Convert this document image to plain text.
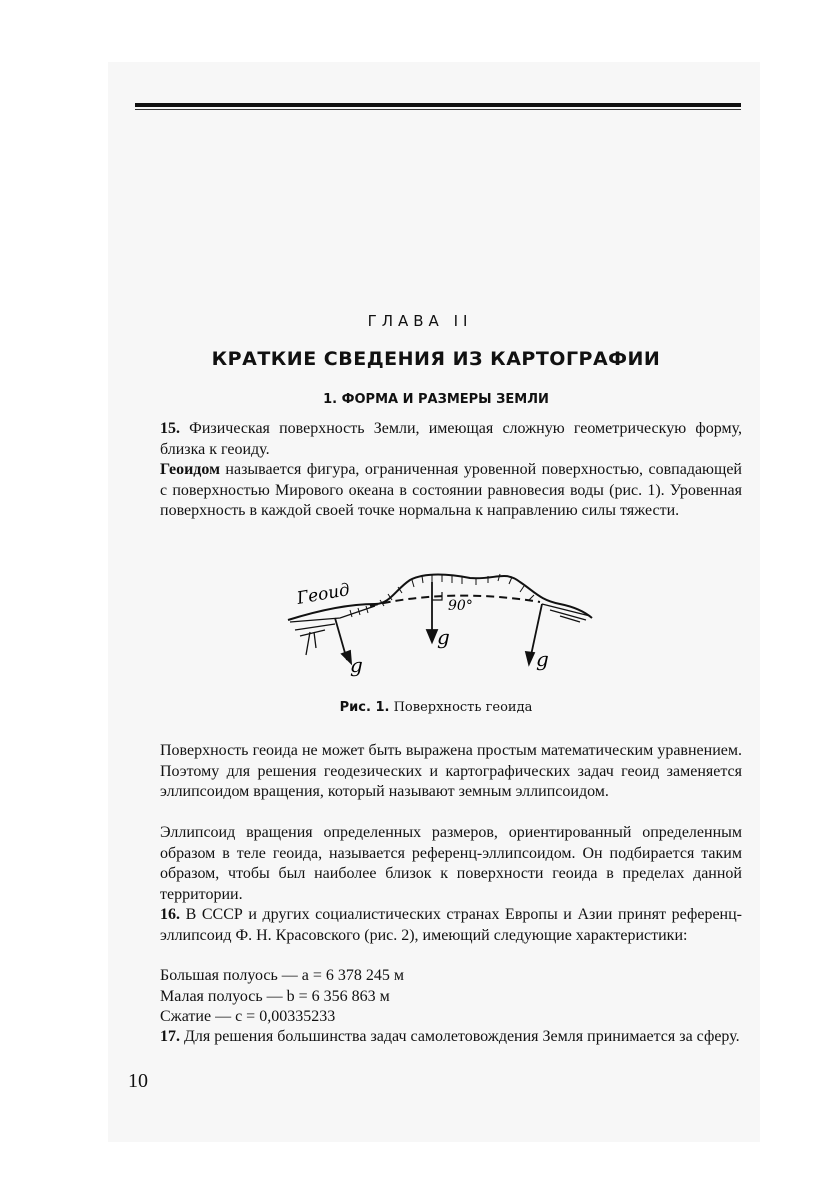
ГЛАВА II
КРАТКИЕ СВЕДЕНИЯ ИЗ КАРТОГРАФИИ
1. ФОРМА И РАЗМЕРЫ ЗЕМЛИ
15. Физическая поверхность Земли, имеющая сложную геометрическую форму, близка к геоиду.
Геоидом называется фигура, ограниченная уровенной поверхностью, совпадающей с поверхностью Мирового океана в состоянии равновесия воды (рис. 1). Уровенная поверхность в каждой своей точке нормальна к направлению силы тяжести.
Геоид	90°
g
g
g
Рис. 1. Поверхность геоида
Поверхность геоида не может быть выражена простым математическим уравнением. Поэтому для решения геодезических и картографических задач геоид заменяется эллипсоидом вращения, который называют земным эллипсоидом.
Эллипсоид вращения определенных размеров, ориентированный определенным образом в теле геоида, называется референц-эллипсоидом. Он подбирается таким образом, чтобы был наиболее близок к поверхности геоида в пределах данной территории.
16. В СССР и других социалистических странах Европы и Азии принят референц-эллипсоид Ф. Н. Красовского (рис. 2), имеющий следующие характеристики:
Большая полуось — a = 6 378 245 м
Малая полуось — b = 6 356 863 м
Сжатие — c = 0,00335233
17. Для решения большинства задач самолетовождения Земля принимается за сферу.
10
